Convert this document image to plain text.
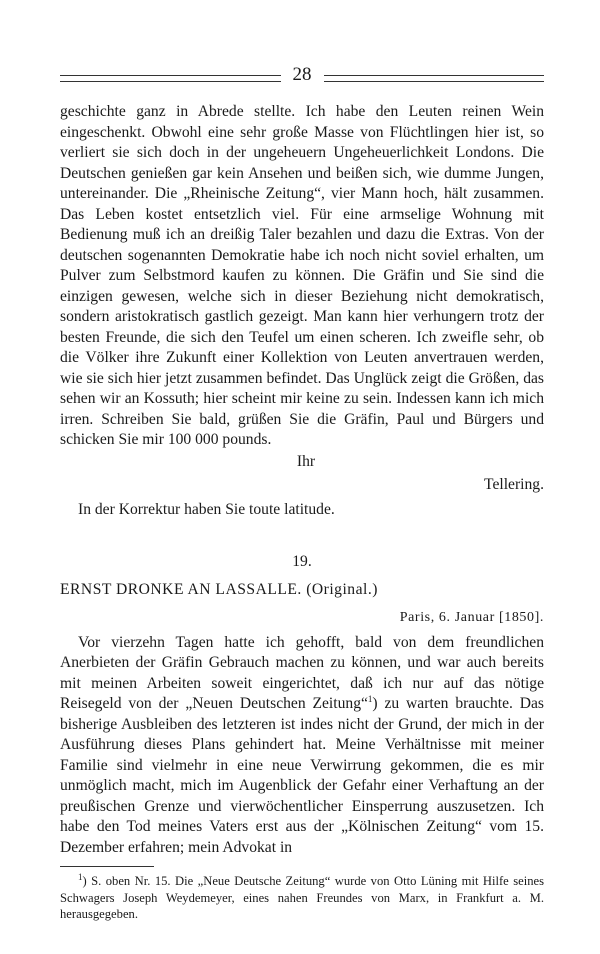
28

geschichte ganz in Abrede stellte. Ich habe den Leuten reinen Wein eingeschenkt. Obwohl eine sehr große Masse von Flüchtlingen hier ist, so verliert sie sich doch in der ungeheuern Ungeheuerlichkeit Londons. Die Deutschen genießen gar kein Ansehen und beißen sich, wie dumme Jungen, untereinander. Die „Rheinische Zeitung“, vier Mann hoch, hält zusammen. Das Leben kostet entsetzlich viel. Für eine armselige Wohnung mit Bedienung muß ich an dreißig Taler bezahlen und dazu die Extras. Von der deutschen sogenannten Demokratie habe ich noch nicht soviel erhalten, um Pulver zum Selbstmord kaufen zu können. Die Gräfin und Sie sind die einzigen gewesen, welche sich in dieser Beziehung nicht demokratisch, sondern aristokratisch gastlich gezeigt. Man kann hier verhungern trotz der besten Freunde, die sich den Teufel um einen scheren. Ich zweifle sehr, ob die Völker ihre Zukunft einer Kollektion von Leuten anvertrauen werden, wie sie sich hier jetzt zusammen befindet. Das Unglück zeigt die Größen, das sehen wir an Kossuth; hier scheint mir keine zu sein. Indessen kann ich mich irren. Schreiben Sie bald, grüßen Sie die Gräfin, Paul und Bürgers und schicken Sie mir 100 000 pounds.

Ihr
Tellering.
In der Korrektur haben Sie toute latitude.
19.
ERNST DRONKE AN LASSALLE. (Original.)
Paris, 6. Januar [1850].

Vor vierzehn Tagen hatte ich gehofft, bald von dem freundlichen Anerbieten der Gräfin Gebrauch machen zu können, und war auch bereits mit meinen Arbeiten soweit eingerichtet, daß ich nur auf das nötige Reisegeld von der „Neuen Deutschen Zeitung“$^1$) zu warten brauchte. Das bisherige Ausbleiben des letzteren ist indes nicht der Grund, der mich in der Ausführung dieses Plans gehindert hat. Meine Verhältnisse mit meiner Familie sind vielmehr in eine neue Verwirrung gekommen, die es mir unmöglich macht, mich im Augenblick der Gefahr einer Verhaftung an der preußischen Grenze und vierwöchentlicher Einsperrung auszusetzen. Ich habe den Tod meines Vaters erst aus der „Kölnischen Zeitung“ vom 15. Dezember erfahren; mein Advokat in

$^1$) S. oben Nr. 15. Die „Neue Deutsche Zeitung“ wurde von Otto Lüning mit Hilfe seines Schwagers Joseph Weydemeyer, eines nahen Freundes von Marx, in Frankfurt a. M. herausgegeben.
